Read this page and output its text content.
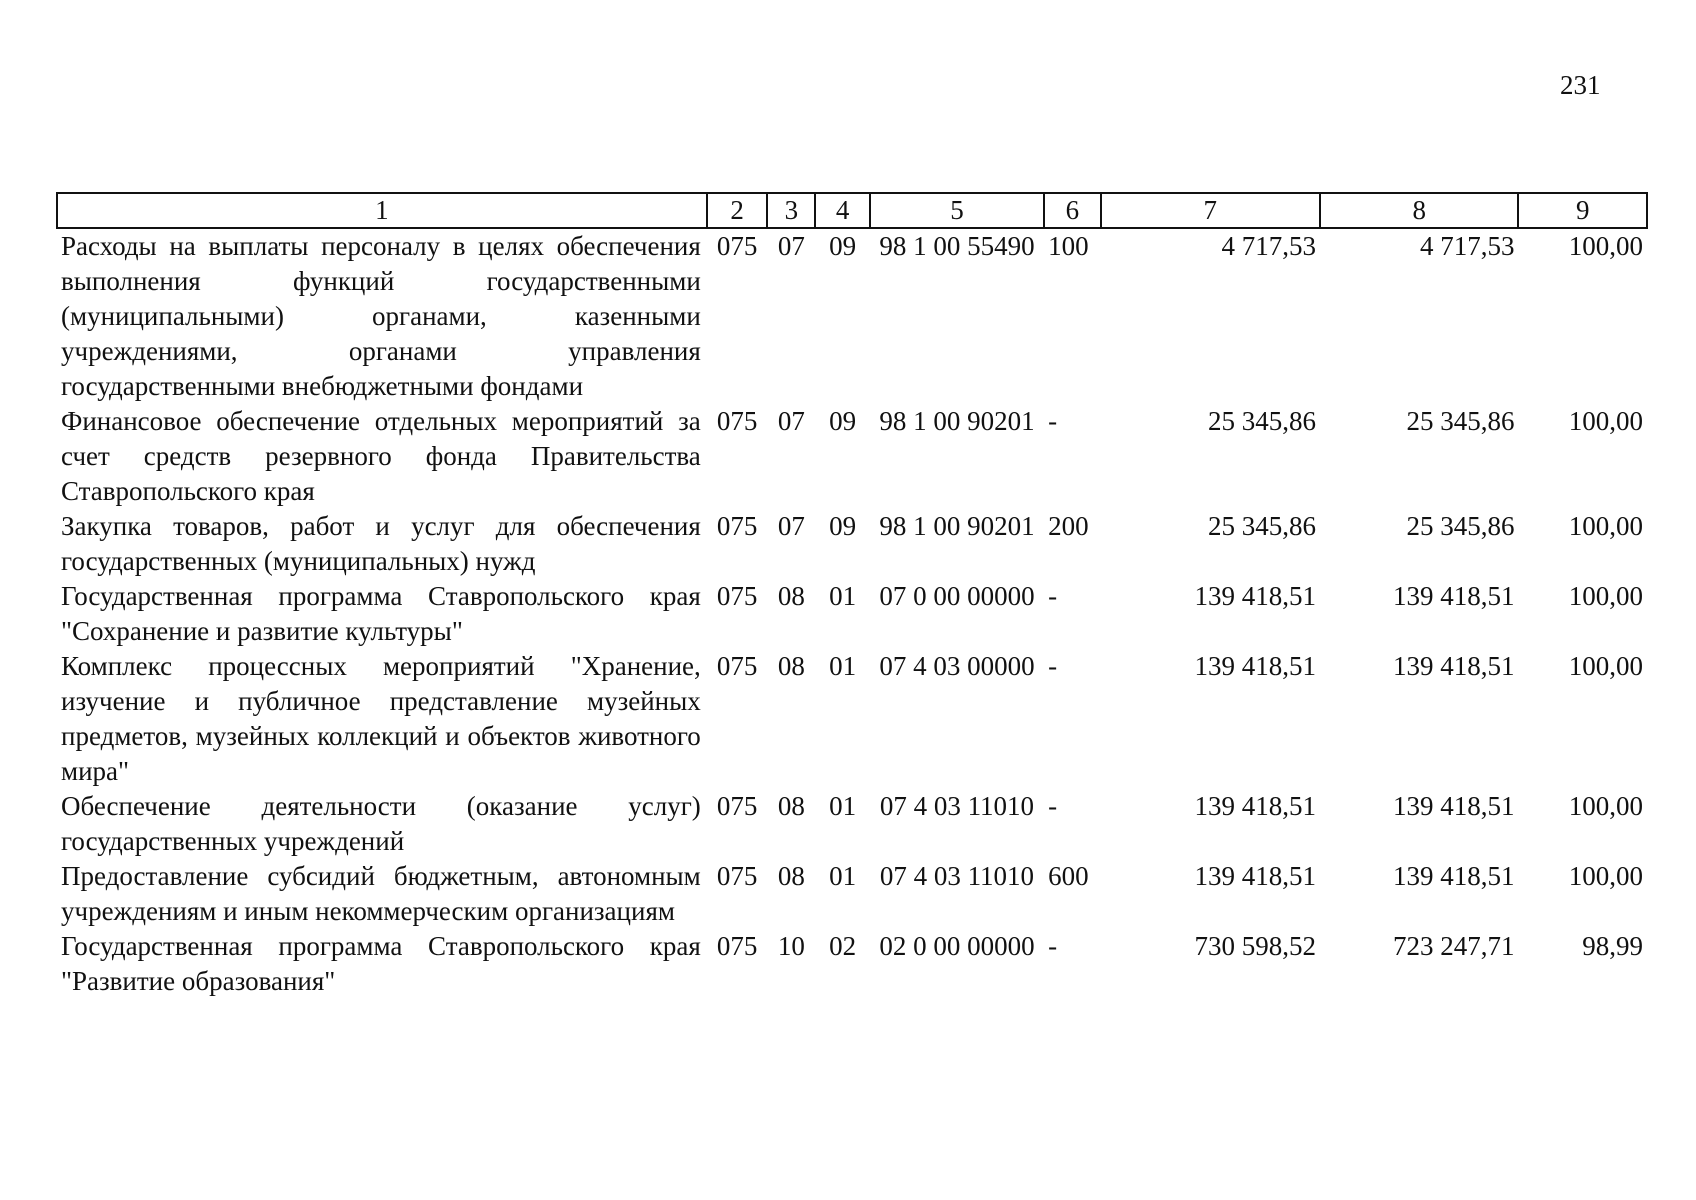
231
1	2	3	4	5	6	7	8	9
Расходы на выплаты персоналу в целях обеспечения выполнения функций государственными (муниципальными) органами, казенными учреждениями, органами управления государственными внебюджетными фондами	075	07	09	98 1 00 55490	100	4 717,53	4 717,53	100,00
Финансовое обеспечение отдельных мероприятий за счет средств резервного фонда Правительства Ставропольского края	075	07	09	98 1 00 90201	-	25 345,86	25 345,86	100,00
Закупка товаров, работ и услуг для обеспечения государственных (муниципальных) нужд	075	07	09	98 1 00 90201	200	25 345,86	25 345,86	100,00
Государственная программа Ставропольского края "Сохранение и развитие культуры"	075	08	01	07 0 00 00000	-	139 418,51	139 418,51	100,00
Комплекс процессных мероприятий "Хранение, изучение и публичное представление музейных предметов, музейных коллекций и объектов животного мира"	075	08	01	07 4 03 00000	-	139 418,51	139 418,51	100,00
Обеспечение деятельности (оказание услуг) государственных учреждений	075	08	01	07 4 03 11010	-	139 418,51	139 418,51	100,00
Предоставление субсидий бюджетным, автономным учреждениям и иным некоммерческим организациям	075	08	01	07 4 03 11010	600	139 418,51	139 418,51	100,00
Государственная программа Ставропольского края "Развитие образования"	075	10	02	02 0 00 00000	-	730 598,52	723 247,71	98,99
